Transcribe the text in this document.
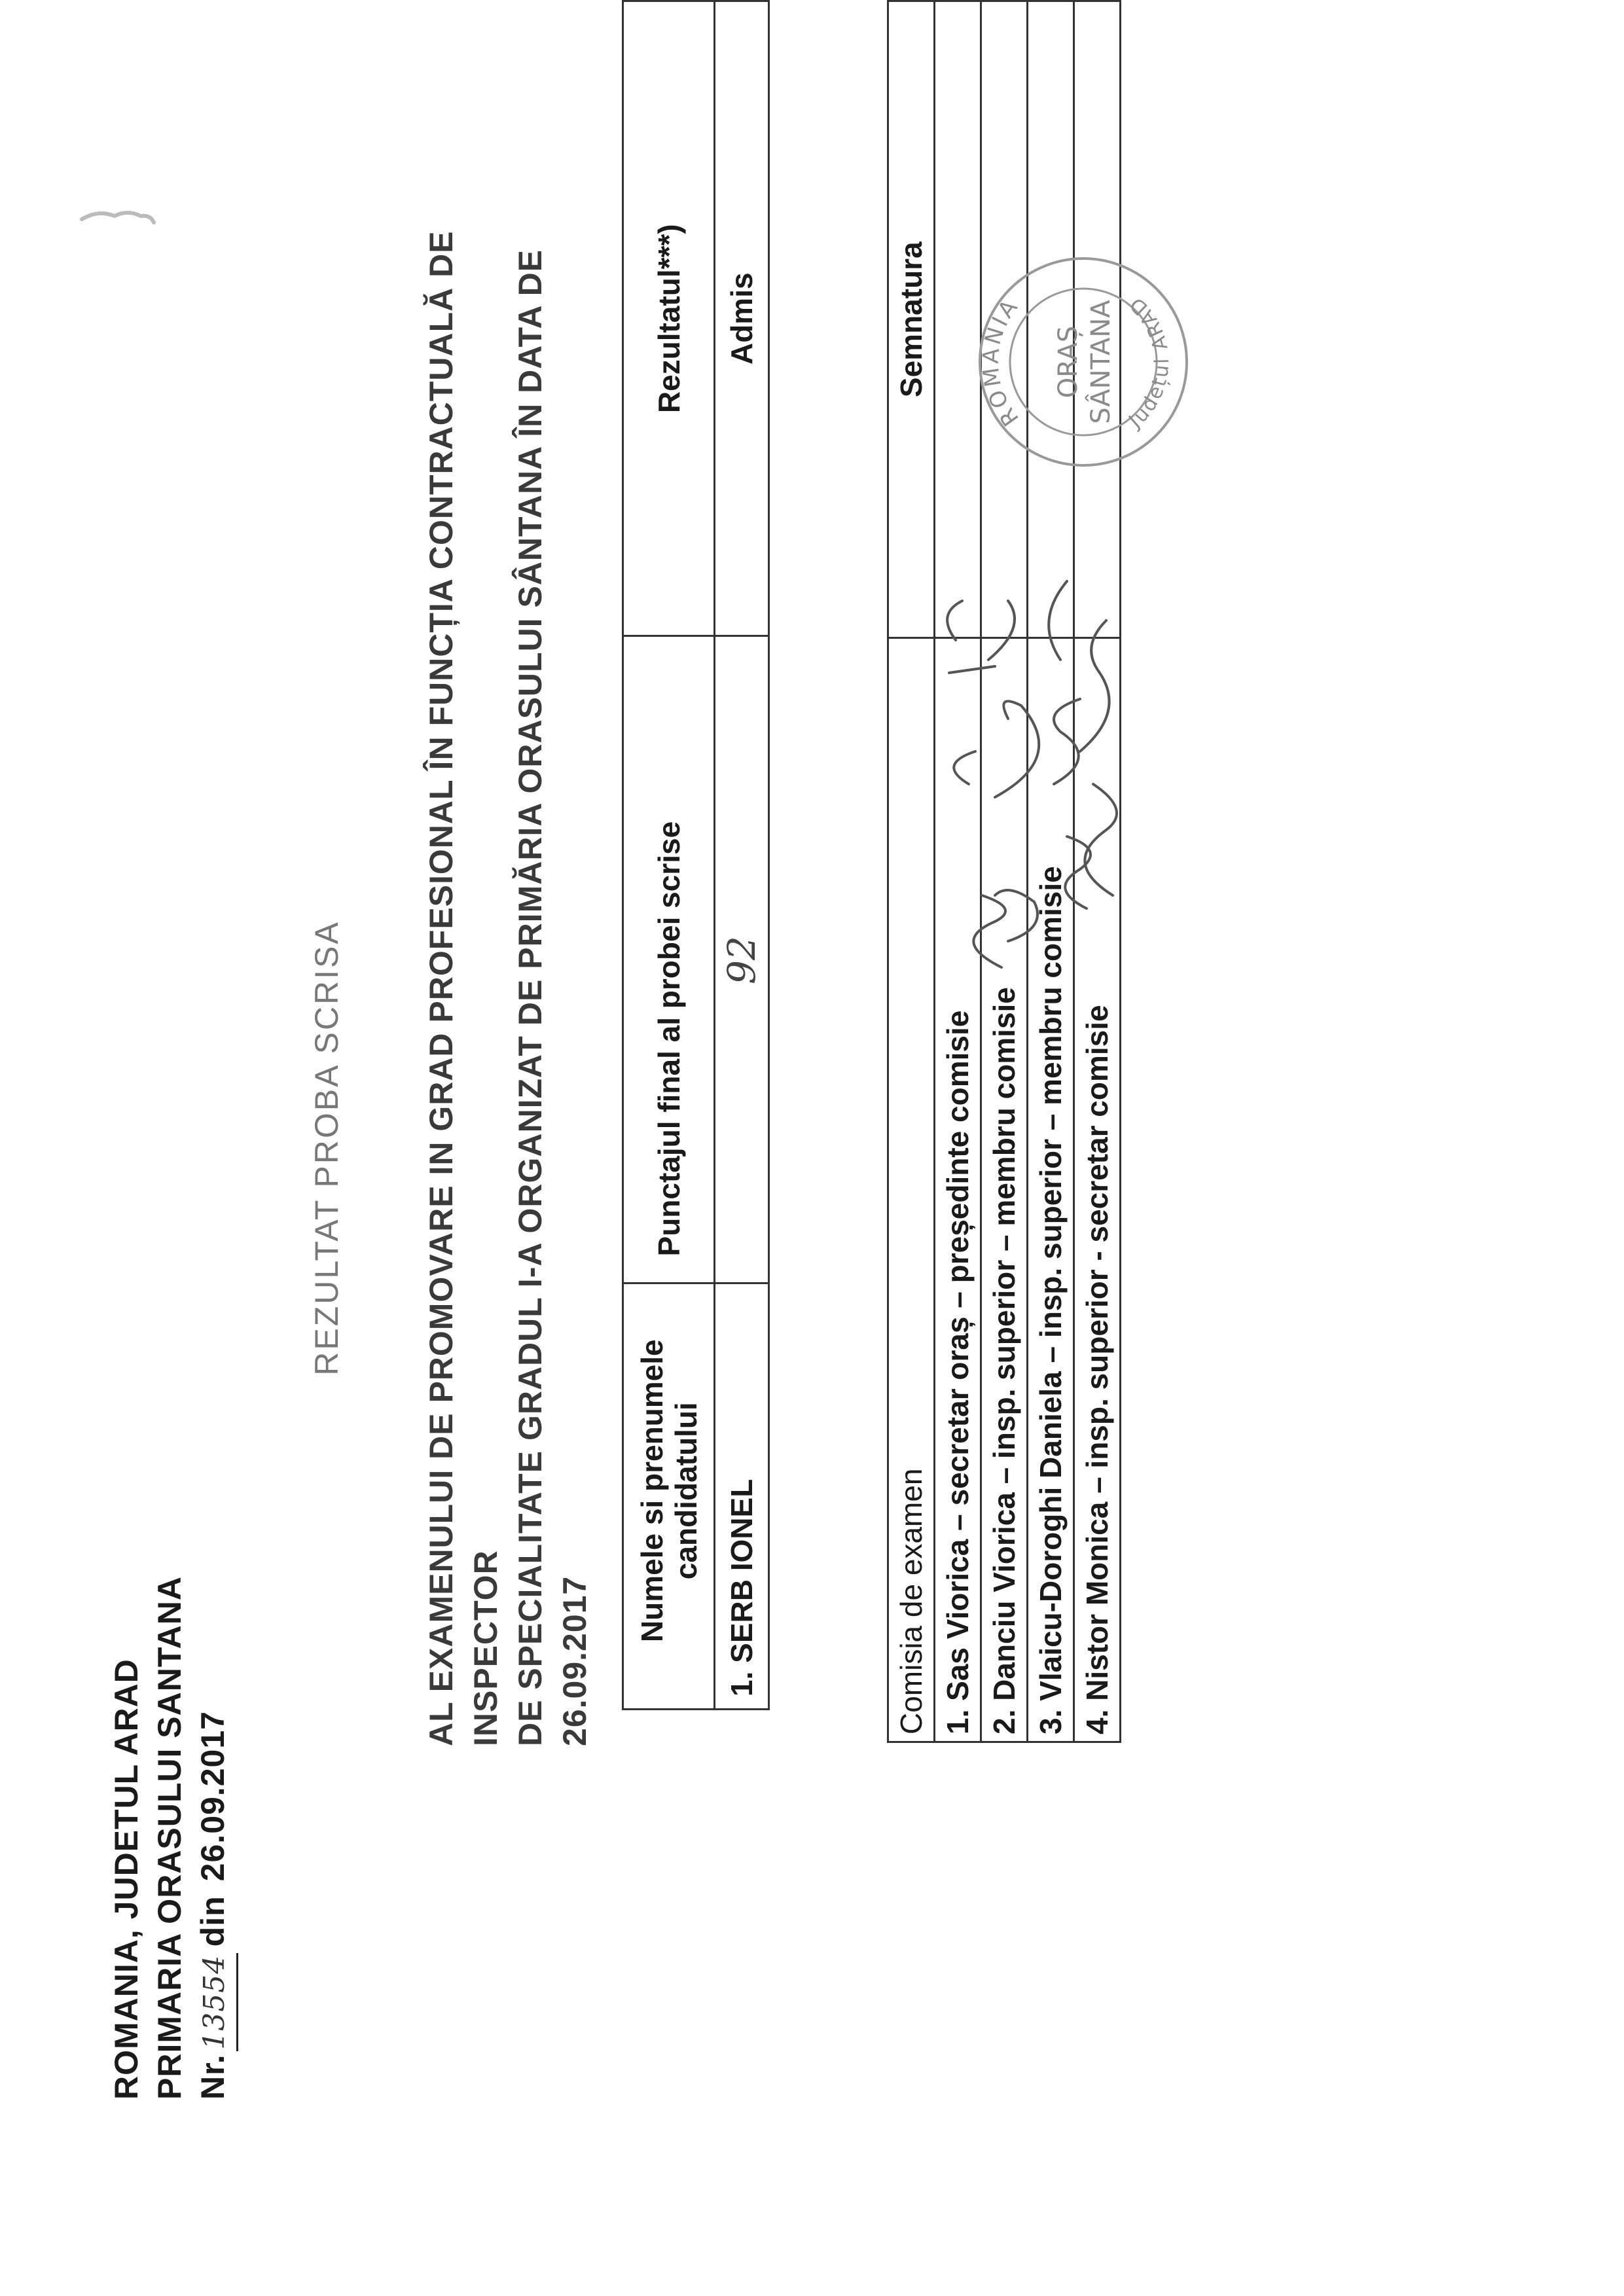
ROMANIA, JUDETUL ARAD PRIMARIA ORASULUI SANTANA Nr.
13554
din
26.09.2017
REZULTAT PROBA SCRISA AL EXAMENULUI DE PROMOVARE IN GRAD PROFESIONAL ÎN FUNCȚIA CONTRACTUALĂ DE INSPECTOR DE SPECIALITATE GRADUL I-A ORGANIZAT DE PRIMĂRIA ORASULUI SÂNTANA ÎN DATA DE 26.09.2017
Numele si prenumele candidatului	Punctajul final al probei scrise	Rezultatul***)
1. SERB IONEL	92	Admis
Comisia de examen	Semnatura
1. Sas Viorica – secretar oraș – președinte comisie	
2. Danciu Viorica – insp. superior – membru comisie	
3. Vlaicu-Doroghi Daniela – insp. superior – membru comisie	
4. Nistor Monica – insp. superior - secretar comisie	
ROMANIA
Județul ARAD
ORAȘ SÂNTANA
